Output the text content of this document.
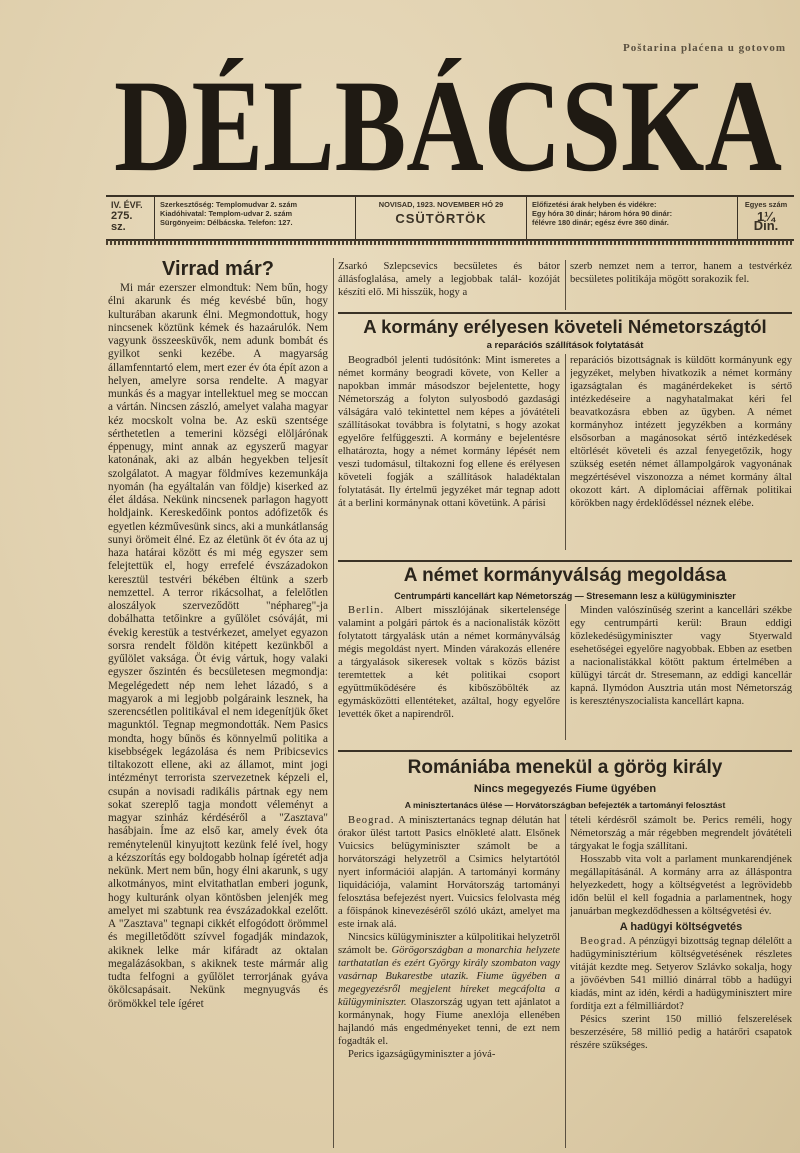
Poštarina plaćena u gotovom
DÉLBÁCSKA
IV. ÉVF.
275. sz.
Szerkesztőség: Templomudvar 2. szám
Kiadóhivatal: Templom-udvar 2. szám
Sürgönyeim: Délbácska. Telefon: 127.
NOVISAD, 1923. NOVEMBER HÓ 29
CSÜTÖRTÖK
Előfizetési árak helyben és vidékre:
Egy hóra 30 dinár; három hóra 90 dinár:
félévre 180 dinár; egész évre 360 dinár.
Egyes szám
1¼ Din.
Virrad már?

Mi már ezerszer elmondtuk: Nem bűn, hogy élni akarunk és még kevésbé bűn, hogy kulturában akarunk élni. Megmondottuk, hogy nincsenek köztünk kémek és hazaárulók. Nem vagyunk összeesküvők, nem adunk bombát és gyilkot senki kezébe. A magyarság államfenntartó elem, mert ezer év óta épít azon a helyen, amelyre sorsa rendelte. A magyar munkás és a magyar intellektuel meg se moccan a vártán. Nincsen zászló, amelyet valaha magyar kéz mocskolt volna be. Az eskü szentsége sérthetetlen a temerini községi elöljárónak éppenugy, mint annak az egyszerű magyar katonának, aki az albán hegyekben teljesít szolgálatot. A magyar földmíves kezemunkája nyomán (ha egyáltalán van földje) kiserked az élet áldása. Nekünk nincsenek parlagon hagyott holdjaink. Kereskedőink pontos adófizetők és egyetlen kézművesünk sincs, aki a munkátlanság sunyi örömeit élné. Ez az életünk öt év óta az uj haza határai között és mi még egyszer sem felejtettük el, hogy errefelé évszázadokon keresztül testvéri békében éltünk a szerb nemzettel. A terror rikácsolhat, a felelőtlen aloszályok szerveződött "néphareg"-ja dobálhatta tetőinkre a gyűlölet csóváját, mi évekig kerestük a testvérkezet, amelyet egyazon sorsra rendelt földön kitépett kezünkből a gyűlölet vaksága. Öt évig vártuk, hogy valaki egyszer őszintén és becsületesen megmondja: Megelégedett nép nem lehet lázadó, s a magyarok a mi legjobb polgáraink lesznek, ha szerencsétlen politikával el nem idegenítjük őket magunktól. Tegnap megmondották. Nem Pasics mondta, hogy bűnös és könnyelmű politika a kisebbségek legázolása és nem Pribicsevics tiltakozott ellene, aki az államot, mint jogi intézményt terrorista szervezetnek képzeli el, csupán a novisadi radikális pártnak egy nem sokat szereplő tagja mondott véleményt a magyar szinház kérdéséről a "Zasztava" hasábjain. Íme az első kar, amely évek óta reménytelenül kinyujtott kezünk felé ível, hogy a kézszorítás egy boldogabb holnap ígéretét adja nekünk. Mert nem bűn, hogy élni akarunk, s ugy alkotmányos, mint elvitathatlan emberi jogunk, hogy kulturánk olyan köntösben jelenjék meg amelyet mi szabtunk rea évszázadokkal ezelőtt. A "Zasztava" tegnapi cikkét elfogódott örömmel és megilletődött szívvel fogadják mindazok, akiknek lelke már kifáradt az oktalan megalázásokban, s akiknek teste mármár alig tudta felfogni a gyűlölet terrorjának gyáva ökölcsapásait. Nekünk megnyugvás és örömökkel tele ígéret

Zsarkó Szlepcsevics becsületes és bátor állásfoglalása, amely a legjobbak talál- kozóját készíti elő. Mi hisszük, hogy a

szerb nemzet nem a terror, hanem a testvérkéz becsületes politikája mögött sorakozik fel.

A kormány erélyesen követeli Németországtól
a reparációs szállítások folytatását

Beogradból jelenti tudósítónk: Mint ismeretes a német kormány beogradi követe, von Keller a napokban immár másodszor bejelentette, hogy Németország a folyton sulyosbodó gazdasági válságára való tekintettel nem képes a jóvátételi szállításokat továbbra is folytatni, s hogy azokat egyelőre felfüggeszti. A kormány e bejelentésre elhatározta, hogy a német kormány lépését nem veszi tudomásul, tiltakozni fog ellene és erélyesen követeli fogják a szállítások haladéktalan folytatását. Ily értelmű jegyzéket már tegnap adott át a berlini kormánynak ottani követünk. A párisi

reparációs bizottságnak is küldött kormányunk egy jegyzéket, melyben hivatkozik a német kormány igazságtalan és magánérdekeket is sértő intézkedéseire a nagyhatalmakat kéri fel beavatkozásra ebben az ügyben. A német kormányhoz intézett jegyzékben a kormány elsősorban a magánosokat sértő intézkedések eltörlését követeli és azzal fenyegetőzik, hogy szükség esetén német állampolgárok vagyonának megzértésével viszonozza a német kormány által okozott kárt. A diplomáciai affērnak politikai körökben nagy érdeklődéssel néznek elébe.

A német kormányválság megoldása
Centrumpárti kancellárt kap Németország — Stresemann lesz a külügyminiszter

Berlin. Albert misszlójának sikertelensége valamint a polgári pártok és a nacionalisták között folytatott tárgyalásk után a német kormányválság mégis megoldást nyert. Minden várakozás ellenére a tárgyalások sikeresek voltak s közös bázist teremtettek a két politikai csoport együttműködésére és kibőszöbölték az egymásközötti ellentéteket, azáltal, hogy egyelőre levették őket a napirendről.

Minden valószínűség szerint a kancellári székbe egy centrumpárti kerül: Braun eddigi közlekedésügyminiszter vagy Styerwald esehetőségei egyelőre nagyobbak. Ebben az esetben a nacionalistákkal kötött paktum értelmében a külügyi tárcát dr. Stresemann, az eddigi kancellár kapná. Ilymódon Ausztria után most Németország is keresztényszocialista kancellárt kapna.

Romániába menekül a görög király
Nincs megegyezés Fiume ügyében
A minisztertanács ülése — Horvátországban befejezték a tartományi felosztást

Beograd. A minisztertanács tegnap délután hat órakor ülést tartott Pasics elnökleté alatt. Elsőnek Vuicsics belügyminiszter számolt be a horvátországi helyzetről a Csimics helytartótól nyert információi alapján. A tartományi kormány liquidációja, valamint Horvátország tartományi felosztása befejezést nyert. Vuicsics felolvasta még a főispánok kinevezéséről szóló ukázt, amelyet ma este irnak alá.

Nincsics külügyminiszter a külpolitikai helyzetről számolt be. Görögországban a monarchia helyzete tarthatatlan és ezért György király szombaton vagy vasárnap Bukarestbe utazik. Fiume ügyében a megegyezésről megjelent híreket megcáfolta a külügyminiszter. Olaszország ugyan tett ajánlatot a kormánynak, hogy Fiume anexlója ellenében hajlandó más engedményeket tenni, de ezt nem fogadták el.

Perics igazságügyminiszter a jóvá-

tételi kérdésről számolt be. Perics reméli, hogy Németország a már régebben megrendelt jóvátételi tárgyakat le fogja szállítani.

Hosszabb vita volt a parlament munkarendjének megállapításánál. A kormány arra az álláspontra helyezkedett, hogy a költségvetést a legrövidebb időn belül el kell fogadnia a parlamentnek, hogy januárban megkezdődhessen a költségvetési év.

A hadügyi költségvetés

Beograd. A pénzügyi bizottság tegnap délelőtt a hadügyminisztérium költségvetésének részletes vitáját kezdte meg. Setyerov Szlávko sokalja, hogy a jövőévben 541 millió dinárral több a hadügyi kiadás, mint az idén, kérdi a hadügyminisztert mire fordítja ezt a félmilliárdot?

Pésics szerint 150 millió felszerelések beszerzésére, 58 millió pedig a határőri csapatok részére szükséges.
